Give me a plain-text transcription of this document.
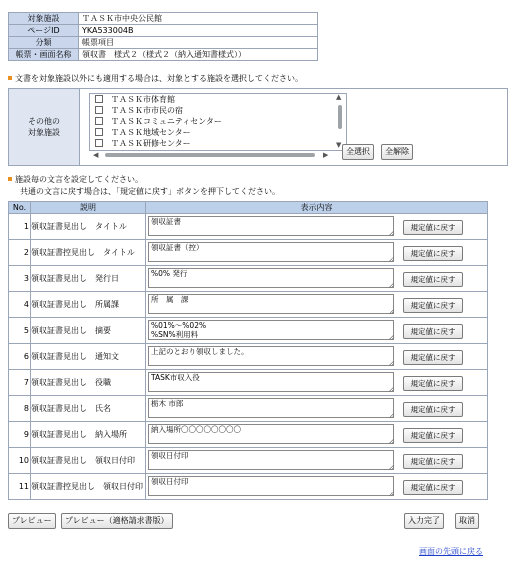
対象施設	ＴＡＳＫ市中央公民館
ページID	YKA533004B
分類	帳票項目
帳票・画面名称	領収書　様式２（様式２（納入通知書様式））
文書を対象施設以外にも適用する場合は、対象とする施設を選択してください。
その他の
対象施設
ＴＡＳＫ市体育館
ＴＡＳＫ市市民の宿
ＴＡＳＫコミュニティセンター
ＴＡＳＫ地域センター
ＴＡＳＫ研修センター
▲
▼
◀	▶	全選択	全解除
施設毎の文言を設定してください。
共通の文言に戻す場合は、「規定値に戻す」ボタンを押下してください。
No.	説明	表示内容
1	領収証書見出し　タイトル	領収証書
規定値に戻す

2	領収証書控見出し　タイトル	領収証書（控）
規定値に戻す

3	領収証書見出し　発行日	%0% 発行
規定値に戻す

4	領収証書見出し　所属課	所　属　課
規定値に戻す

5	領収証書見出し　摘要	%01%～%02%
%SN%利用料 規定値に戻す

6	領収証書見出し　通知文	上記のとおり領収しました。
規定値に戻す

7	領収証書見出し　役職	TASK市収入役
規定値に戻す

8	領収証書見出し　氏名	栃木 市郎
規定値に戻す

9	領収証書見出し　納入場所	納入場所〇〇〇〇〇〇〇〇
規定値に戻す

10	領収証書見出し　領収日付印	領収日付印
規定値に戻す

11	領収証書控見出し　領収日付印	領収日付印
規定値に戻す
プレビュー	プレビュー（適格請求書版）	入力完了	取消
画面の先頭に戻る
